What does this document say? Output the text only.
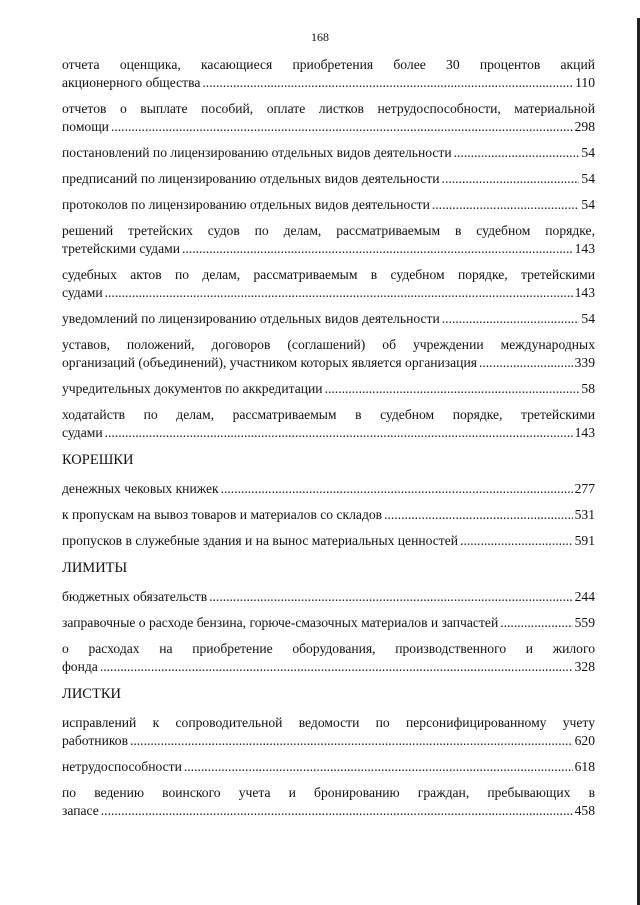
168
отчета оценщика, касающиеся приобретения более 30 процентов акций
акционерного общества .....	110
отчетов о выплате пособий, оплате листков нетрудоспособности, материальной
помощи .....	298
постановлений по лицензированию отдельных видов деятельности .....	54
предписаний по лицензированию отдельных видов деятельности .....	54
протоколов по лицензированию отдельных видов деятельности .....	54
решений третейских судов по делам, рассматриваемым в судебном порядке,
третейскими судами .....	143
судебных актов по делам, рассматриваемым в судебном порядке, третейскими
судами .....	143
уведомлений по лицензированию отдельных видов деятельности .....	54
уставов, положений, договоров (соглашений) об учреждении международных
организаций (объединений), участником которых является организация .....	339
учредительных документов по аккредитации .....	58
ходатайств по делам, рассматриваемым в судебном порядке, третейскими
судами .....	143
КОРЕШКИ
денежных чековых книжек .....	277
к пропускам на вывоз товаров и материалов со складов .....	531
пропусков в служебные здания и на вынос материальных ценностей .....	591
ЛИМИТЫ
бюджетных обязательств .....	244
заправочные о расходе бензина, горюче-смазочных материалов и запчастей .....	559
о расходах на приобретение оборудования, производственного и жилого
фонда .....	328
ЛИСТКИ
исправлений к сопроводительной ведомости по персонифицированному учету
работников .....	620
нетрудоспособности .....	618
по ведению воинского учета и бронированию граждан, пребывающих в
запасе .....	458
